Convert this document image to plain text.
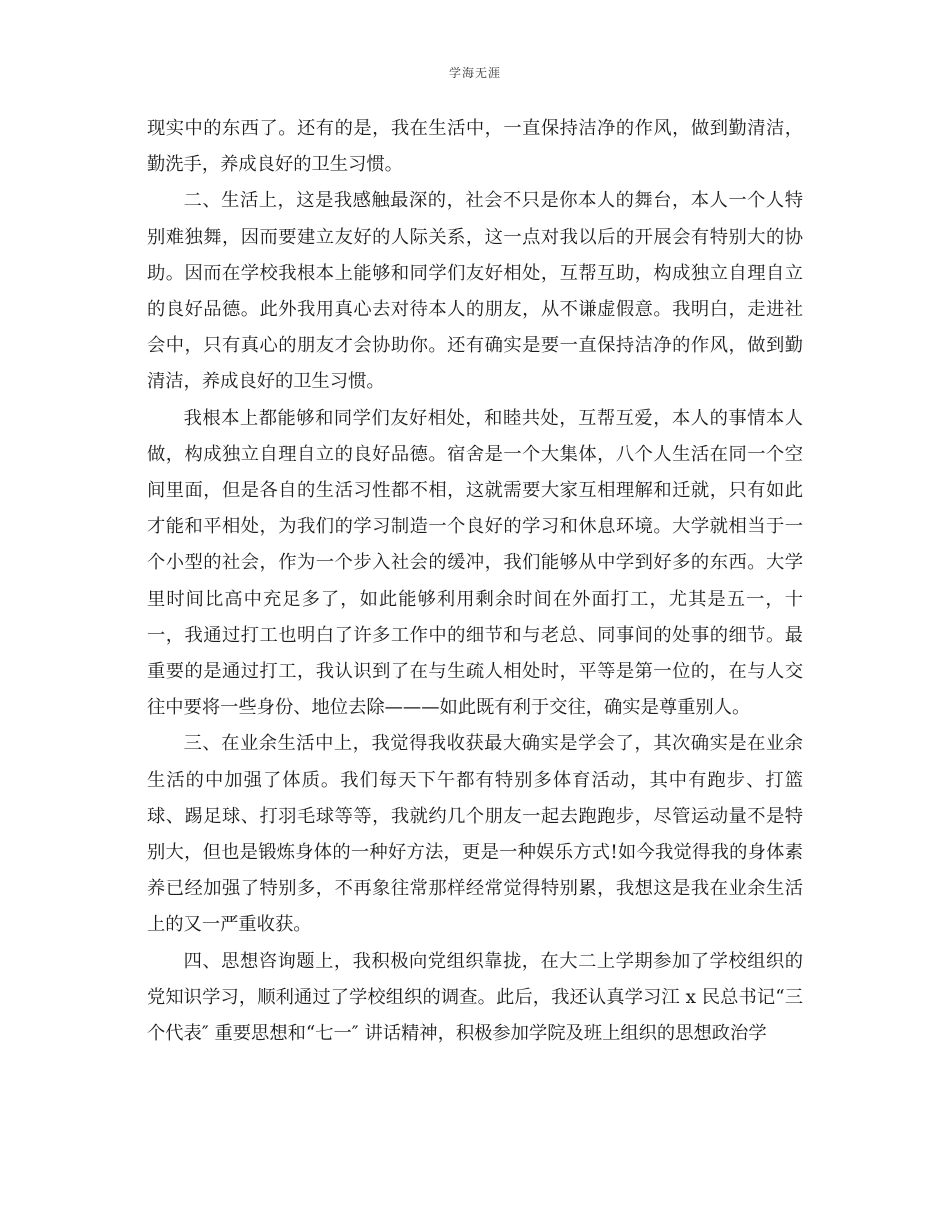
学海无涯

现实中的东西了。还有的是，我在生活中，一直保持洁净的作风，做到勤清洁，勤洗手，养成良好的卫生习惯。

二、生活上，这是我感触最深的，社会不只是你本人的舞台，本人一个人特别难独舞，因而要建立友好的人际关系，这一点对我以后的开展会有特别大的协助。因而在学校我根本上能够和同学们友好相处，互帮互助，构成独立自理自立的良好品德。此外我用真心去对待本人的朋友，从不谦虚假意。我明白，走进社会中，只有真心的朋友才会协助你。还有确实是要一直保持洁净的作风，做到勤清洁，养成良好的卫生习惯。

我根本上都能够和同学们友好相处，和睦共处，互帮互爱，本人的事情本人做，构成独立自理自立的良好品德。宿舍是一个大集体，八个人生活在同一个空间里面，但是各自的生活习性都不相，这就需要大家互相理解和迁就，只有如此才能和平相处，为我们的学习制造一个良好的学习和休息环境。大学就相当于一个小型的社会，作为一个步入社会的缓冲，我们能够从中学到好多的东西。大学里时间比高中充足多了，如此能够利用剩余时间在外面打工，尤其是五一，十一，我通过打工也明白了许多工作中的细节和与老总、同事间的处事的细节。最重要的是通过打工，我认识到了在与生疏人相处时，平等是第一位的，在与人交往中要将一些身份、地位去除———如此既有利于交往，确实是尊重别人。

三、在业余生活中上，我觉得我收获最大确实是学会了，其次确实是在业余生活的中加强了体质。我们每天下午都有特别多体育活动，其中有跑步、打篮球、踢足球、打羽毛球等等，我就约几个朋友一起去跑跑步，尽管运动量不是特别大，但也是锻炼身体的一种好方法，更是一种娱乐方式!如今我觉得我的身体素养已经加强了特别多，不再象往常那样经常觉得特别累，我想这是我在业余生活上的又一严重收获。

四、思想咨询题上，我积极向党组织靠拢，在大二上学期参加了学校组织的党知识学习，顺利通过了学校组织的调查。此后，我还认真学习江 x 民总书记“三个代表″ 重要思想和“七一″ 讲话精神，积极参加学院及班上组织的思想政治学
